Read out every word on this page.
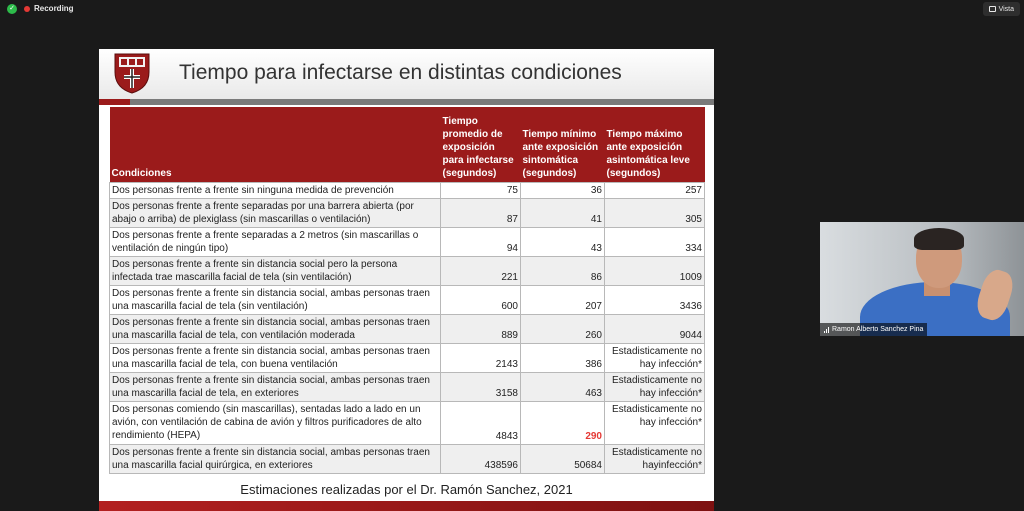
✓ Recording	Vista
Tiempo para infectarse en distintas condiciones
Condiciones	Tiempo promedio de exposición para infectarse (segundos)	Tiempo mínimo ante exposición sintomática (segundos)	Tiempo máximo ante exposición asintomática leve (segundos)
Dos personas frente a frente sin ninguna medida de prevención	75	36	257
Dos personas frente a frente separadas por una barrera abierta (por abajo o arriba) de plexiglass (sin mascarillas o ventilación)	87	41	305
Dos personas frente a frente separadas a 2 metros (sin mascarillas o ventilación de ningún tipo)	94	43	334
Dos personas frente a frente sin distancia social pero la persona infectada trae mascarilla facial de tela (sin ventilación)	221	86	1009
Dos personas frente a frente sin distancia social, ambas personas traen una mascarilla facial de tela (sin ventilación)	600	207	3436
Dos personas frente a frente sin distancia social, ambas personas traen una mascarilla facial de tela, con ventilación moderada	889	260	9044
Dos personas frente a frente sin distancia social, ambas personas traen una mascarilla facial de tela, con buena ventilación	2143	386	Estadisticamente no hay infección*
Dos personas frente a frente sin distancia social, ambas personas traen una mascarilla facial de tela, en exteriores	3158	463	Estadisticamente no hay infección*
Dos personas comiendo (sin mascarillas), sentadas lado a lado en un avión, con ventilación de cabina de avión y filtros purificadores de alto rendimiento (HEPA)	4843	290	Estadisticamente no hay infección*
Dos personas frente a frente sin distancia social, ambas personas traen una mascarilla facial quirúrgica, en exteriores	438596	50684	Estadisticamente no hayinfección*
Estimaciones realizadas por el Dr. Ramón Sanchez, 2021
Ramon Alberto Sanchez Pina
